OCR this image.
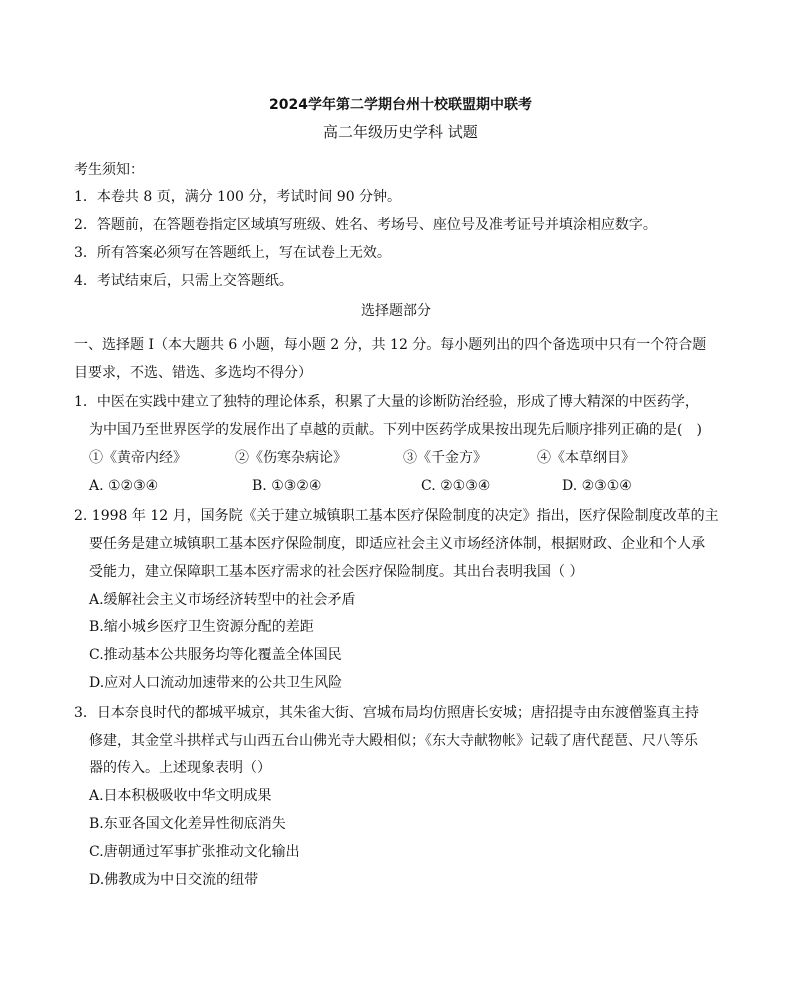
2024学年第二学期台州十校联盟期中联考
高二年级历史学科 试题
考生须知：
1．本卷共 8 页，满分 100 分，考试时间 90 分钟。
2．答题前，在答题卷指定区域填写班级、姓名、考场号、座位号及准考证号并填涂相应数字。
3．所有答案必须写在答题纸上，写在试卷上无效。
4．考试结束后，只需上交答题纸。
选择题部分
一、选择题 I（本大题共 6 小题，每小题 2 分，共 12 分。每小题列出的四个备选项中只有一个符合题
目要求，不选、错选、多选均不得分）
1．中医在实践中建立了独特的理论体系，积累了大量的诊断防治经验，形成了博大精深的中医药学，
为中国乃至世界医学的发展作出了卓越的贡献。下列中医药学成果按出现先后顺序排列正确的是(　)
①《黄帝内经》	②《伤寒杂病论》	③《千金方》	④《本草纲目》
A. ①②③④	B. ①③②④	C. ②①③④	D. ②③①④
2. 1998 年 12 月，国务院《关于建立城镇职工基本医疗保险制度的决定》指出，医疗保险制度改革的主
要任务是建立城镇职工基本医疗保险制度，即适应社会主义市场经济体制，根据财政、企业和个人承
受能力，建立保障职工基本医疗需求的社会医疗保险制度。其出台表明我国（ ）
A.缓解社会主义市场经济转型中的社会矛盾
B.缩小城乡医疗卫生资源分配的差距
C.推动基本公共服务均等化覆盖全体国民
D.应对人口流动加速带来的公共卫生风险
3．日本奈良时代的都城平城京，其朱雀大街、宫城布局均仿照唐长安城；唐招提寺由东渡僧鉴真主持
修建，其金堂斗拱样式与山西五台山佛光寺大殿相似；《东大寺献物帐》记载了唐代琵琶、尺八等乐
器的传入。上述现象表明（）
A.日本积极吸收中华文明成果
B.东亚各国文化差异性彻底消失
C.唐朝通过军事扩张推动文化输出
D.佛教成为中日交流的纽带
